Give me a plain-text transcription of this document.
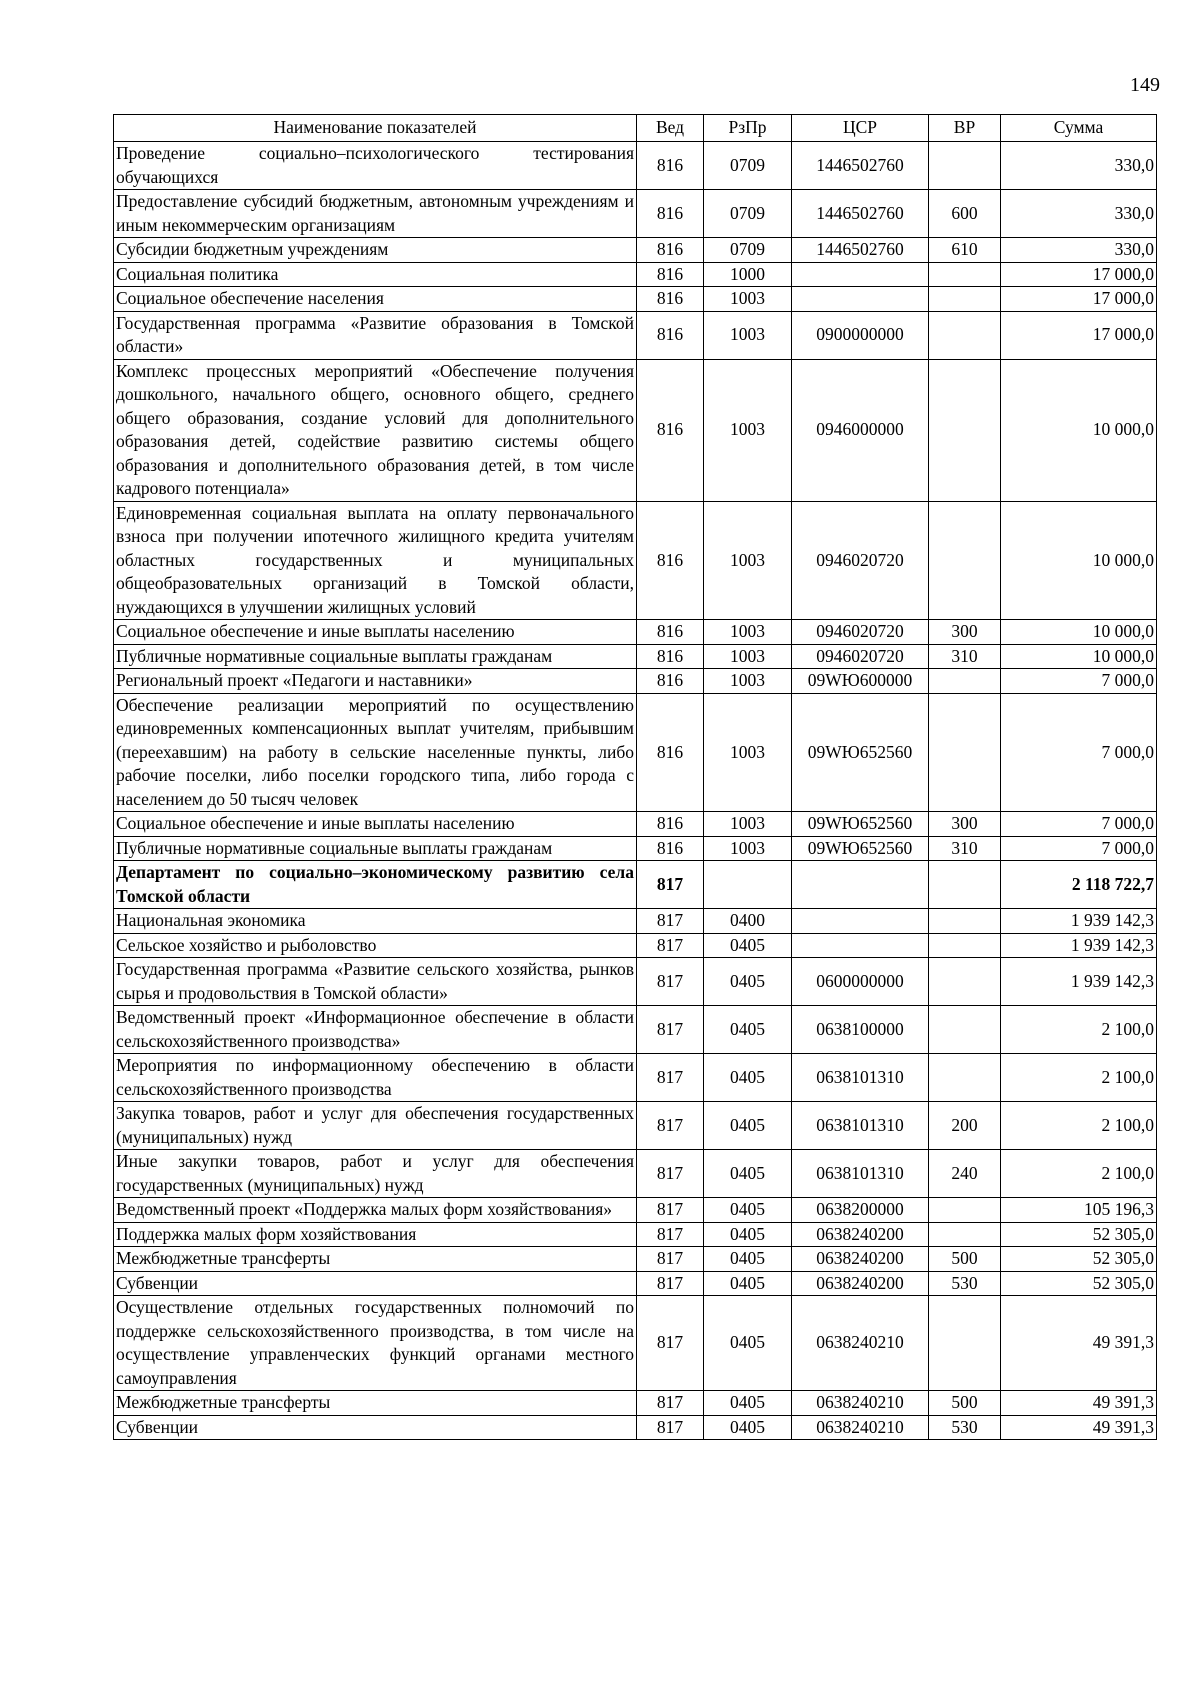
149
Наименование показателей	Вед	РзПр	ЦСР	ВР	Сумма
Проведение социально–психологического тестирования обучающихся	816	0709	1446502760		330,0
Предоставление субсидий бюджетным, автономным учреждениям и иным некоммерческим организациям	816	0709	1446502760	600	330,0
Субсидии бюджетным учреждениям	816	0709	1446502760	610	330,0
Социальная политика	816	1000			17 000,0
Социальное обеспечение населения	816	1003			17 000,0
Государственная программа «Развитие образования в Томской области»	816	1003	0900000000		17 000,0
Комплекс процессных мероприятий «Обеспечение получения дошкольного, начального общего, основного общего, среднего общего образования, создание условий для дополнительного образования детей, содействие развитию системы общего образования и дополнительного образования детей, в том числе кадрового потенциала»	816	1003	0946000000		10 000,0
Единовременная социальная выплата на оплату первоначального взноса при получении ипотечного жилищного кредита учителям областных государственных и муниципальных общеобразовательных организаций в Томской области, нуждающихся в улучшении жилищных условий	816	1003	0946020720		10 000,0
Социальное обеспечение и иные выплаты населению	816	1003	0946020720	300	10 000,0
Публичные нормативные социальные выплаты гражданам	816	1003	0946020720	310	10 000,0
Региональный проект «Педагоги и наставники»	816	1003	09WЮ600000		7 000,0
Обеспечение реализации мероприятий по осуществлению единовременных компенсационных выплат учителям, прибывшим (переехавшим) на работу в сельские населенные пункты, либо рабочие поселки, либо поселки городского типа, либо города с населением до 50 тысяч человек	816	1003	09WЮ652560		7 000,0
Социальное обеспечение и иные выплаты населению	816	1003	09WЮ652560	300	7 000,0
Публичные нормативные социальные выплаты гражданам	816	1003	09WЮ652560	310	7 000,0
Департамент по социально–экономическому развитию села Томской области	817				2 118 722,7
Национальная экономика	817	0400			1 939 142,3
Сельское хозяйство и рыболовство	817	0405			1 939 142,3
Государственная программа «Развитие сельского хозяйства, рынков сырья и продовольствия в Томской области»	817	0405	0600000000		1 939 142,3
Ведомственный проект «Информационное обеспечение в области сельскохозяйственного производства»	817	0405	0638100000		2 100,0
Мероприятия по информационному обеспечению в области сельскохозяйственного производства	817	0405	0638101310		2 100,0
Закупка товаров, работ и услуг для обеспечения государственных (муниципальных) нужд	817	0405	0638101310	200	2 100,0
Иные закупки товаров, работ и услуг для обеспечения государственных (муниципальных) нужд	817	0405	0638101310	240	2 100,0
Ведомственный проект «Поддержка малых форм хозяйствования»	817	0405	0638200000		105 196,3
Поддержка малых форм хозяйствования	817	0405	0638240200		52 305,0
Межбюджетные трансферты	817	0405	0638240200	500	52 305,0
Субвенции	817	0405	0638240200	530	52 305,0
Осуществление отдельных государственных полномочий по поддержке сельскохозяйственного производства, в том числе на осуществление управленческих функций органами местного самоуправления	817	0405	0638240210		49 391,3
Межбюджетные трансферты	817	0405	0638240210	500	49 391,3
Субвенции	817	0405	0638240210	530	49 391,3
